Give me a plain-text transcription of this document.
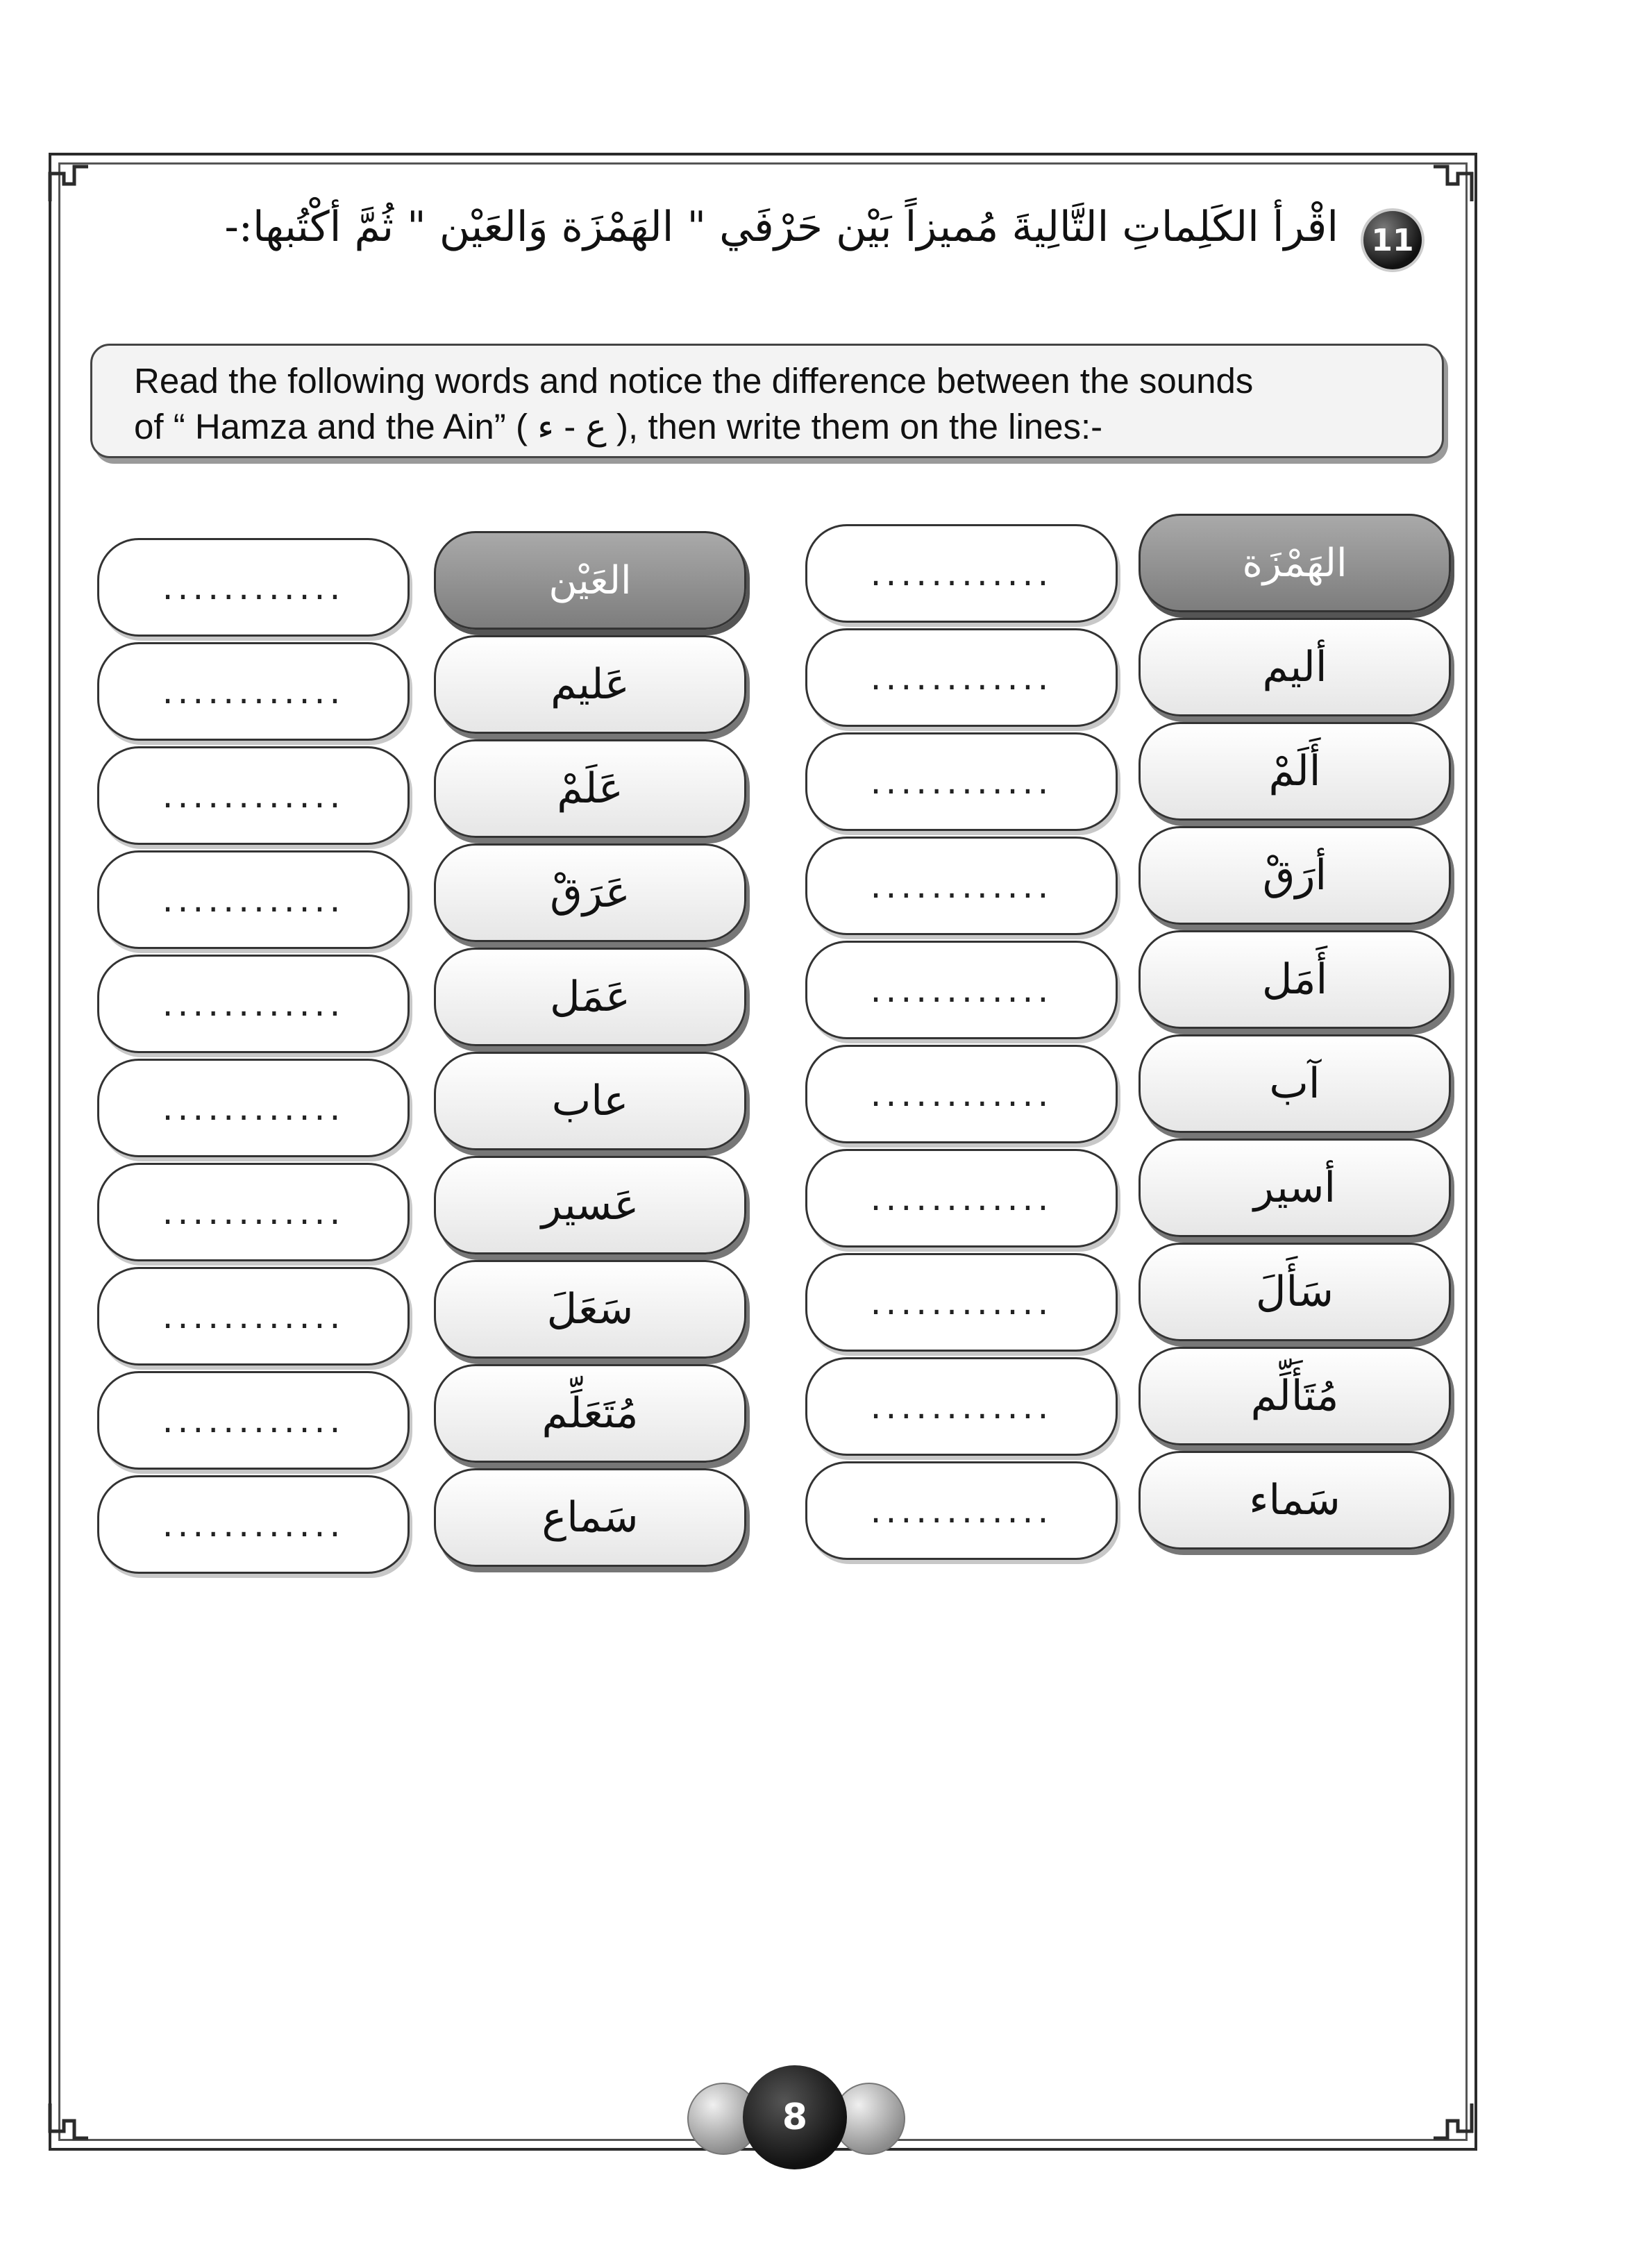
11
اقْرأ الكَلِماتِ التَّالِيةَ مُميزاً بَيْن حَرْفَي " الهَمْزَة وَالعَيْن " ثُمَّ أكْتُبها:-

Read the following words and notice the difference between the sounds

of “ Hamza and the Ain” ( ع - ء ), then write them on the lines:-

الهَمْزَة
أليم
أَلَمْ
أرَقْ
أَمَل
آب
أسير
سَأَلَ
مُتَأَلِّم
سَماء
............
............
............
............
............
............
............
............
............
............
العَيْن
عَليم
عَلَمْ
عَرَقْ
عَمَل
عاب
عَسير
سَعَلَ
مُتَعَلِّم
سَماع
............
............
............
............
............
............
............
............
............
............
8
